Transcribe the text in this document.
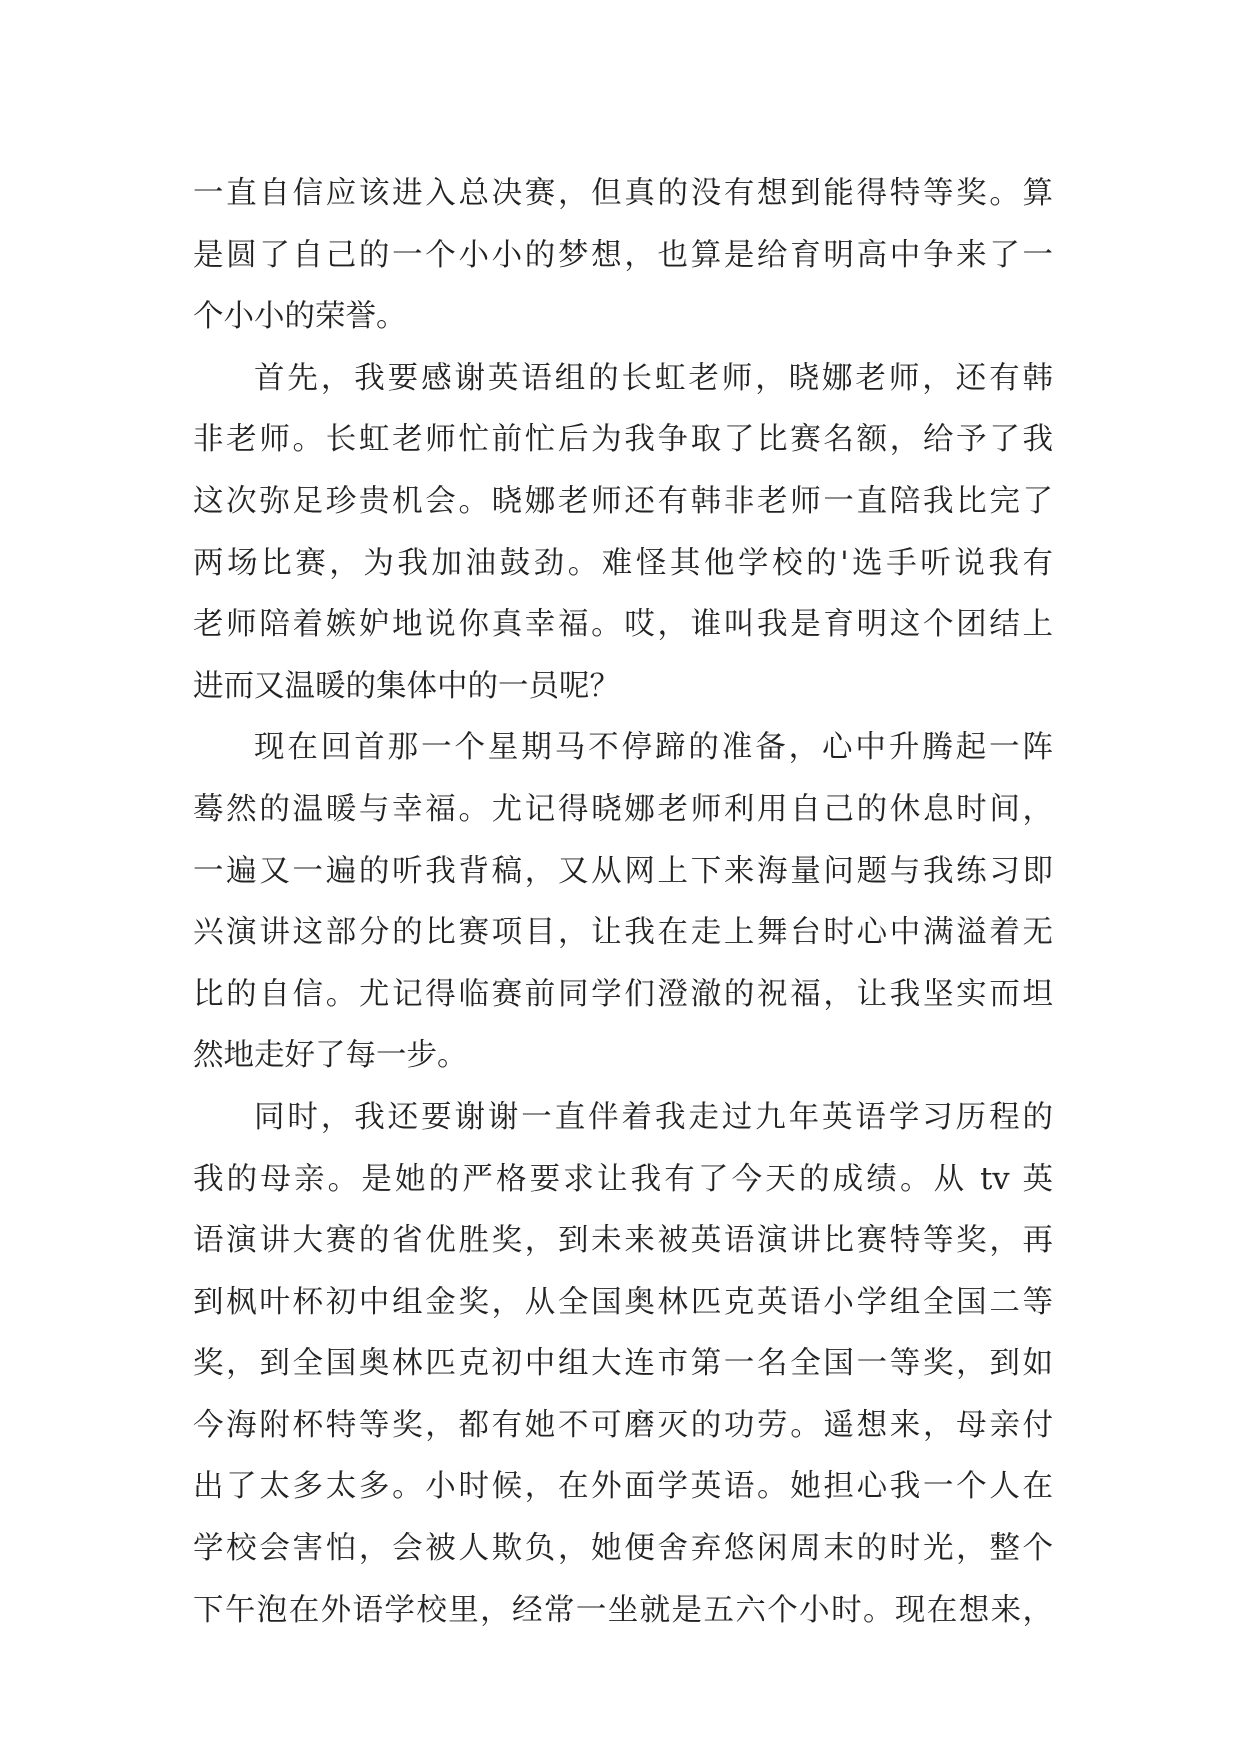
一直自信应该进入总决赛，但真的没有想到能得特等奖。算
是圆了自己的一个小小的梦想，也算是给育明高中争来了一
个小小的荣誉。
首先，我要感谢英语组的长虹老师，晓娜老师，还有韩
非老师。长虹老师忙前忙后为我争取了比赛名额，给予了我
这次弥足珍贵机会。晓娜老师还有韩非老师一直陪我比完了
两场比赛，为我加油鼓劲。难怪其他学校的'选手听说我有
老师陪着嫉妒地说你真幸福。哎，谁叫我是育明这个团结上
进而又温暖的集体中的一员呢？
现在回首那一个星期马不停蹄的准备，心中升腾起一阵
蓦然的温暖与幸福。尤记得晓娜老师利用自己的休息时间，
一遍又一遍的听我背稿，又从网上下来海量问题与我练习即
兴演讲这部分的比赛项目，让我在走上舞台时心中满溢着无
比的自信。尤记得临赛前同学们澄澈的祝福，让我坚实而坦
然地走好了每一步。
同时，我还要谢谢一直伴着我走过九年英语学习历程的
我的母亲。是她的严格要求让我有了今天的成绩。从 tv 英
语演讲大赛的省优胜奖，到未来被英语演讲比赛特等奖，再
到枫叶杯初中组金奖，从全国奥林匹克英语小学组全国二等
奖，到全国奥林匹克初中组大连市第一名全国一等奖，到如
今海附杯特等奖，都有她不可磨灭的功劳。遥想来，母亲付
出了太多太多。小时候，在外面学英语。她担心我一个人在
学校会害怕，会被人欺负，她便舍弃悠闲周末的时光，整个
下午泡在外语学校里，经常一坐就是五六个小时。现在想来，
